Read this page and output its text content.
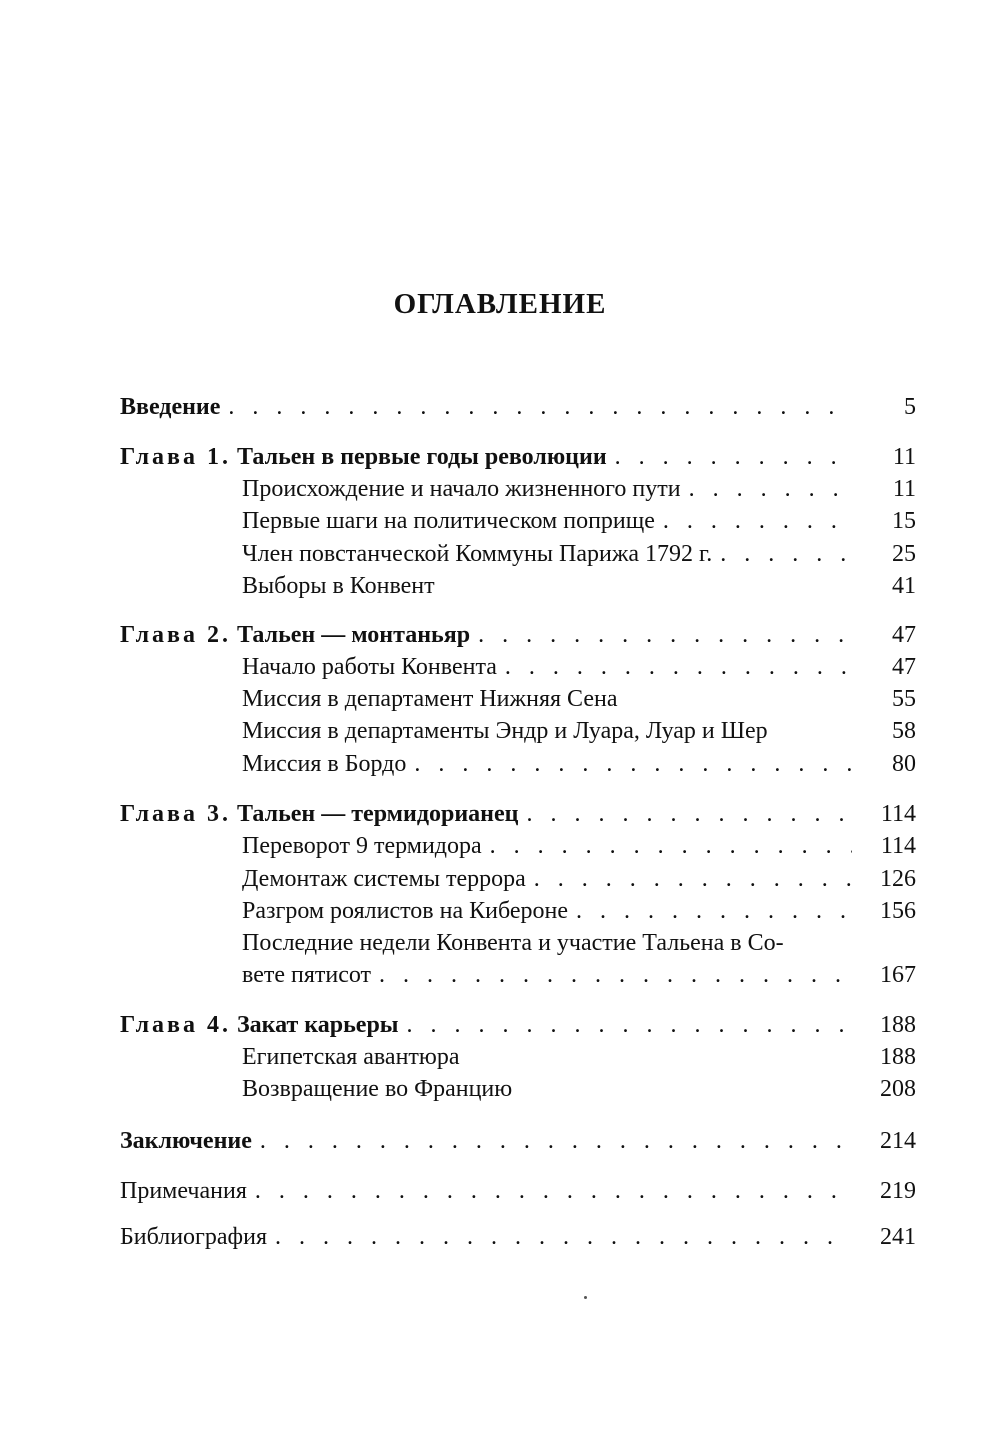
ОГЛАВЛЕНИЕ
Введение . . .	5
Глава 1. Тальен в первые годы революции . . .	11
Происхождение и начало жизненного пути . . .	11
Первые шаги на политическом поприще . . .	15
Член повстанческой Коммуны Парижа 1792 г. . . .	25
Выборы в Конвент	41
Глава 2. Тальен — монтаньяр . . .	47
Начало работы Конвента . . .	47
Миссия в департамент Нижняя Сена	55
Миссия в департаменты Эндр и Луара, Луар и Шер	58
Миссия в Бордо . . .	80
Глава 3. Тальен — термидорианец . . .	114
Переворот 9 термидора . . .	114
Демонтаж системы террора . . .	126
Разгром роялистов на Кибероне . . .	156
Последние недели Конвента и участие Тальена в Со-
вете пятисот . . .	167
Глава 4. Закат карьеры . . .	188
Египетская авантюра	188
Возвращение во Францию	208
Заключение . . .	214
Примечания . . .	219
Библиография . . .	241
